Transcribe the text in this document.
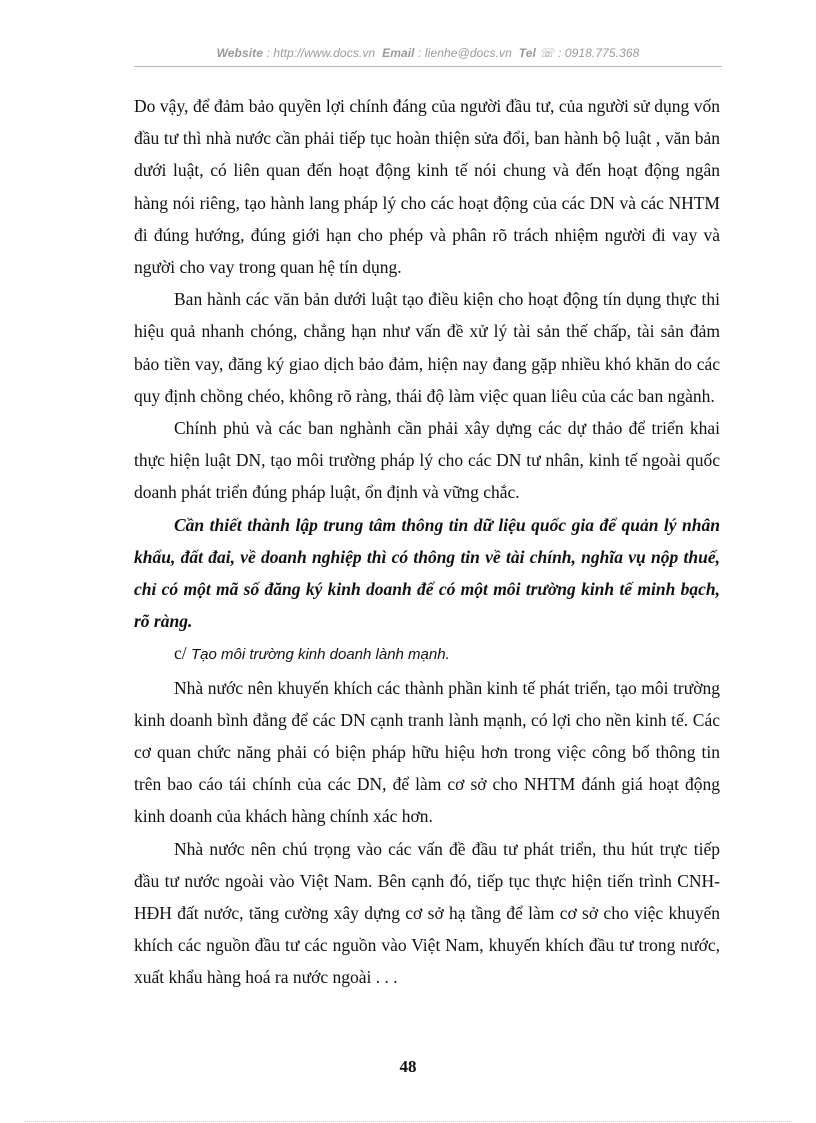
Website : http://www.docs.vn Email : lienhe@docs.vn Tel ☏ : 0918.775.368

Do vậy, để đảm bảo quyền lợi chính đáng của người đầu tư, của người sử dụng vốn đầu tư thì nhà nước cần phải tiếp tục hoàn thiện sửa đổi, ban hành bộ luật , văn bản dưới luật, có liên quan đến hoạt động kinh tế nói chung và đến hoạt động ngân hàng nói riêng, tạo hành lang pháp lý cho các hoạt động của các DN và các NHTM đi đúng hướng, đúng giới hạn cho phép và phân rõ trách nhiệm người đi vay và người cho vay trong quan hệ tín dụng.

Ban hành các văn bản dưới luật tạo điều kiện cho hoạt động tín dụng thực thi hiệu quả nhanh chóng, chẳng hạn như vấn đề xử lý tài sản thế chấp, tài sản đảm bảo tiền vay, đăng ký giao dịch bảo đảm, hiện nay đang gặp nhiều khó khăn do các quy định chồng chéo, không rõ ràng, thái độ làm việc quan liêu của các ban ngành.

Chính phủ và các ban nghành cần phải xây dựng các dự thảo để triển khai thực hiện luật DN, tạo môi trường pháp lý cho các DN tư nhân, kinh tế ngoài quốc doanh phát triển đúng pháp luật, ổn định và vững chắc.

Cần thiết thành lập trung tâm thông tin dữ liệu quốc gia để quản lý nhân khẩu, đất đai, về doanh nghiệp thì có thông tin về tài chính, nghĩa vụ nộp thuế, chỉ có một mã số đăng ký kinh doanh để có một môi trường kinh tế minh bạch, rõ ràng.

c/ Tạo môi trường kinh doanh lành mạnh.

Nhà nước nên khuyến khích các thành phần kinh tế phát triển, tạo môi trường kinh doanh bình đẳng để các DN cạnh tranh lành mạnh, có lợi cho nền kinh tế. Các cơ quan chức năng phải có biện pháp hữu hiệu hơn trong việc công bố thông tin trên bao cáo tái chính của các DN, để làm cơ sở cho NHTM đánh giá hoạt động kinh doanh của khách hàng chính xác hơn.

Nhà nước nên chú trọng vào các vấn đề đầu tư phát triển, thu hút trực tiếp đầu tư nước ngoài vào Việt Nam. Bên cạnh đó, tiếp tục thực hiện tiến trình CNH- HĐH đất nước, tăng cường xây dựng cơ sở hạ tầng để làm cơ sở cho việc khuyến khích các nguồn đầu tư các nguồn vào Việt Nam, khuyến khích đầu tư trong nước, xuất khẩu hàng hoá ra nước ngoài . . .

48
